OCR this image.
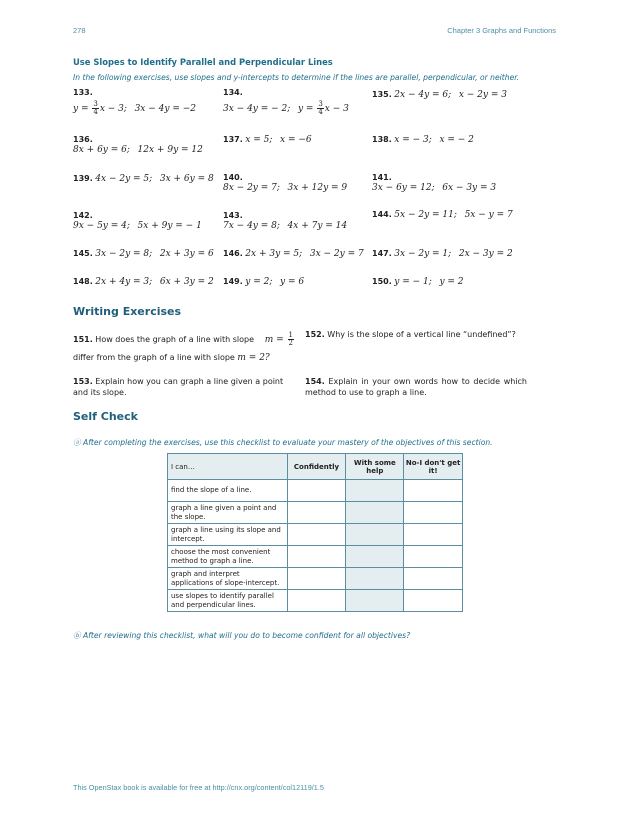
278	Chapter 3 Graphs and Functions
Use Slopes to Identify Parallel and Perpendicular Lines
In the following exercises, use slopes and y-intercepts to determine if the lines are parallel, perpendicular, or neither.
133.
$y = \frac{3}{4}$ x − 3; 3x − 4y = −2
134.
3x − 4y = − 2; $y = \frac{3}{4}$ x − 3
135. 2x − 4y = 6; x − 2y = 3
136.
8x + 6y = 6; 12x + 9y = 12
137. x = 5; x = −6	138. x = − 3; x = − 2
139. 4x − 2y = 5; 3x + 6y = 8 140.
8x − 2y = 7; 3x + 12y = 9
141.
3x − 6y = 12; 6x − 3y = 3
142.
9x − 5y = 4; 5x + 9y = − 1
143.
7x − 4y = 8; 4x + 7y = 14
144. 5x − 2y = 11; 5x − y = 7
145. 3x − 2y = 8; 2x + 3y = 6 146. 2x + 3y = 5; 3x − 2y = 7 147. 3x − 2y = 1; 2x − 3y = 2
148. 2x + 4y = 3; 6x + 3y = 2 149. y = 2; y = 6	150. y = − 1; y = 2
Writing Exercises
151. How does the graph of a line with slope $m = \frac{1}{2}$
differ from the graph of a line with slope m = 2?
152. Why is the slope of a vertical line “undefined”?
153. Explain how you can graph a line given a point and its slope.
154. Explain in your own words how to decide which method to use to graph a line.
Self Check
ⓐ After completing the exercises, use this checklist to evaluate your mastery of the objectives of this section.
I can…	Confidently	With some help	No-I don't get it!
find the slope of a line.			
graph a line given a point and the slope.			
graph a line using its slope and intercept.			
choose the most convenient method to graph a line.			
graph and interpret applications of slope-intercept.			
use slopes to identify parallel and perpendicular lines.			
ⓑ After reviewing this checklist, what will you do to become confident for all objectives?
This OpenStax book is available for free at http://cnx.org/content/col12119/1.5
